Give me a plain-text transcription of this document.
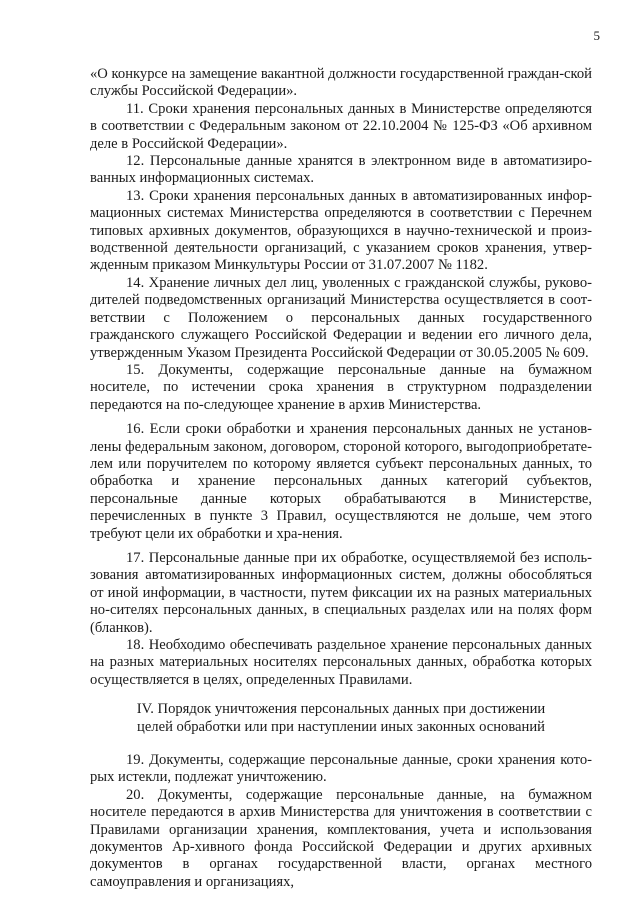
5

«О конкурсе на замещение вакантной должности государственной граждан-ской службы Российской Федерации».

11. Сроки хранения персональных данных в Министерстве определяются в соответствии с Федеральным законом от 22.10.2004 № 125-ФЗ «Об архивном деле в Российской Федерации».

12. Персональные данные хранятся в электронном виде в автоматизиро-ванных информационных системах.

13. Сроки хранения персональных данных в автоматизированных инфор-мационных системах Министерства определяются в соответствии с Перечнем типовых архивных документов, образующихся в научно-технической и произ-водственной деятельности организаций, с указанием сроков хранения, утвер-жденным приказом Минкультуры России от 31.07.2007 № 1182.

14. Хранение личных дел лиц, уволенных с гражданской службы, руково-дителей подведомственных организаций Министерства осуществляется в соот-ветствии с Положением о персональных данных государственного гражданского служащего Российской Федерации и ведении его личного дела, утвержденным Указом Президента Российской Федерации от 30.05.2005 № 609.

15. Документы, содержащие персональные данные на бумажном носителе, по истечении срока хранения в структурном подразделении передаются на по-следующее хранение в архив Министерства.

16. Если сроки обработки и хранения персональных данных не установ-лены федеральным законом, договором, стороной которого, выгодоприобретате-лем или поручителем по которому является субъект персональных данных, то обработка и хранение персональных данных категорий субъектов, персональные данные которых обрабатываются в Министерстве, перечисленных в пункте 3 Правил, осуществляются не дольше, чем этого требуют цели их обработки и хра-нения.

17. Персональные данные при их обработке, осуществляемой без исполь-зования автоматизированных информационных систем, должны обособляться от иной информации, в частности, путем фиксации их на разных материальных но-сителях персональных данных, в специальных разделах или на полях форм (бланков).

18. Необходимо обеспечивать раздельное хранение персональных данных на разных материальных носителях персональных данных, обработка которых осуществляется в целях, определенных Правилами.

IV. Порядок уничтожения персональных данных при достижении
целей обработки или при наступлении иных законных оснований

19. Документы, содержащие персональные данные, сроки хранения кото-рых истекли, подлежат уничтожению.

20. Документы, содержащие персональные данные, на бумажном носителе передаются в архив Министерства для уничтожения в соответствии с Правилами организации хранения, комплектования, учета и использования документов Ар-хивного фонда Российской Федерации и других архивных документов в органах государственной власти, органах местного самоуправления и организациях,
